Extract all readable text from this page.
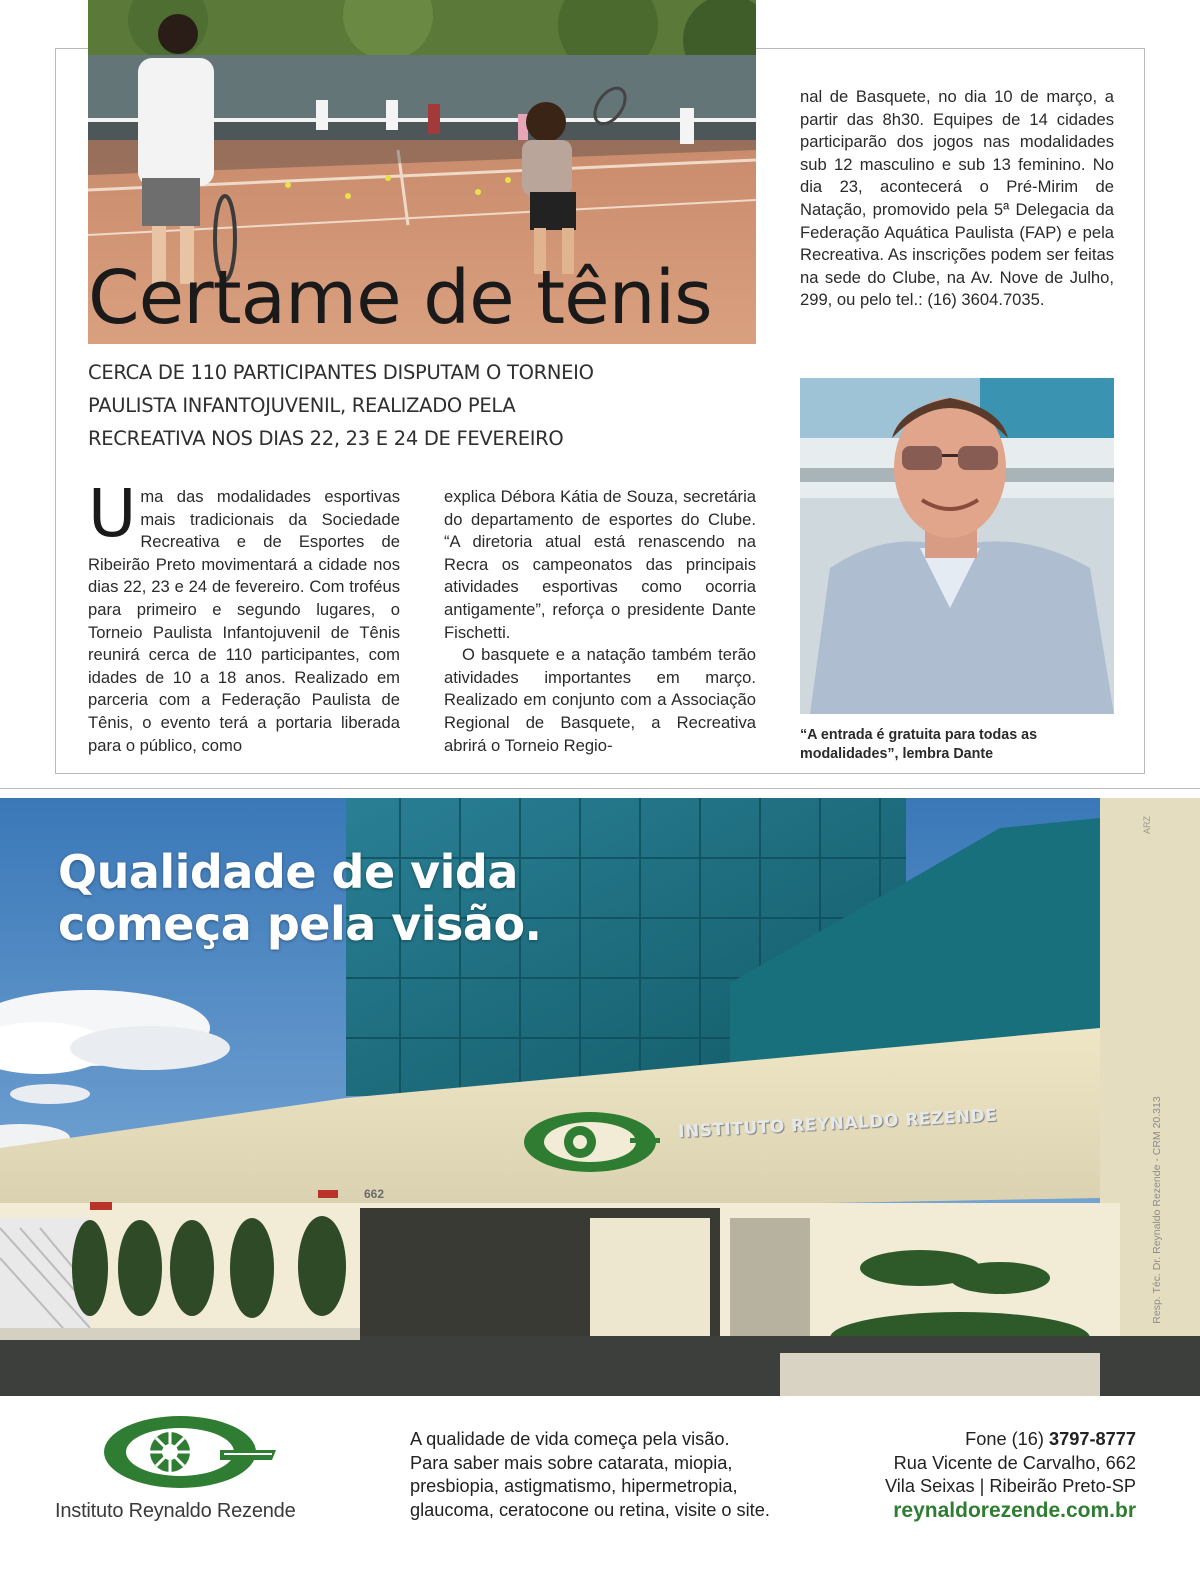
Certame de tênis
CERCA DE 110 PARTICIPANTES DISPUTAM O TORNEIO
PAULISTA INFANTOJUVENIL, REALIZADO PELA
RECREATIVA NOS DIAS 22, 23 E 24 DE FEVEREIRO

Uma das modalidades esportivas mais tradicionais da Sociedade Recreativa e de Esportes de Ribeirão Preto movimentará a cidade nos dias 22, 23 e 24 de fevereiro. Com troféus para primeiro e segundo lugares, o Torneio Paulista Infantojuvenil de Tênis reunirá cerca de 110 participantes, com idades de 10 a 18 anos. Realizado em parceria com a Federação Paulista de Tênis, o evento terá a portaria liberada para o público, como

explica Débora Kátia de Souza, secretária do departamento de esportes do Clube. “A diretoria atual está renascendo na Recra os campeonatos das principais atividades esportivas como ocorria antigamente”, reforça o presidente Dante Fischetti.

O basquete e a natação também terão atividades importantes em março. Realizado em conjunto com a Associação Regional de Basquete, a Recreativa abrirá o Torneio Regio-

nal de Basquete, no dia 10 de março, a partir das 8h30. Equipes de 14 cidades participarão dos jogos nas modalidades sub 12 masculino e sub 13 feminino. No dia 23, acontecerá o Pré-Mirim de Natação, promovido pela 5ª Delegacia da Federação Aquática Paulista (FAP) e pela Recreativa. As inscrições podem ser feitas na sede do Clube, na Av. Nove de Julho, 299, ou pelo tel.: (16) 3604.7035.

“A entrada é gratuita para todas as
modalidades”, lembra Dante
Qualidade de vida
começa pela visão.
INSTITUTO REYNALDO REZENDE
662	Resp. Téc. Dr. Reynaldo Rezende - CRM 20.313
ARZ
Instituto Reynaldo Rezende
A qualidade de vida começa pela visão.
Para saber mais sobre catarata, miopia,
presbiopia, astigmatismo, hipermetropia,
glaucoma, ceratocone ou retina, visite o site.
Fone (16) 3797-8777
Rua Vicente de Carvalho, 662
Vila Seixas | Ribeirão Preto-SP
reynaldorezende.com.br
